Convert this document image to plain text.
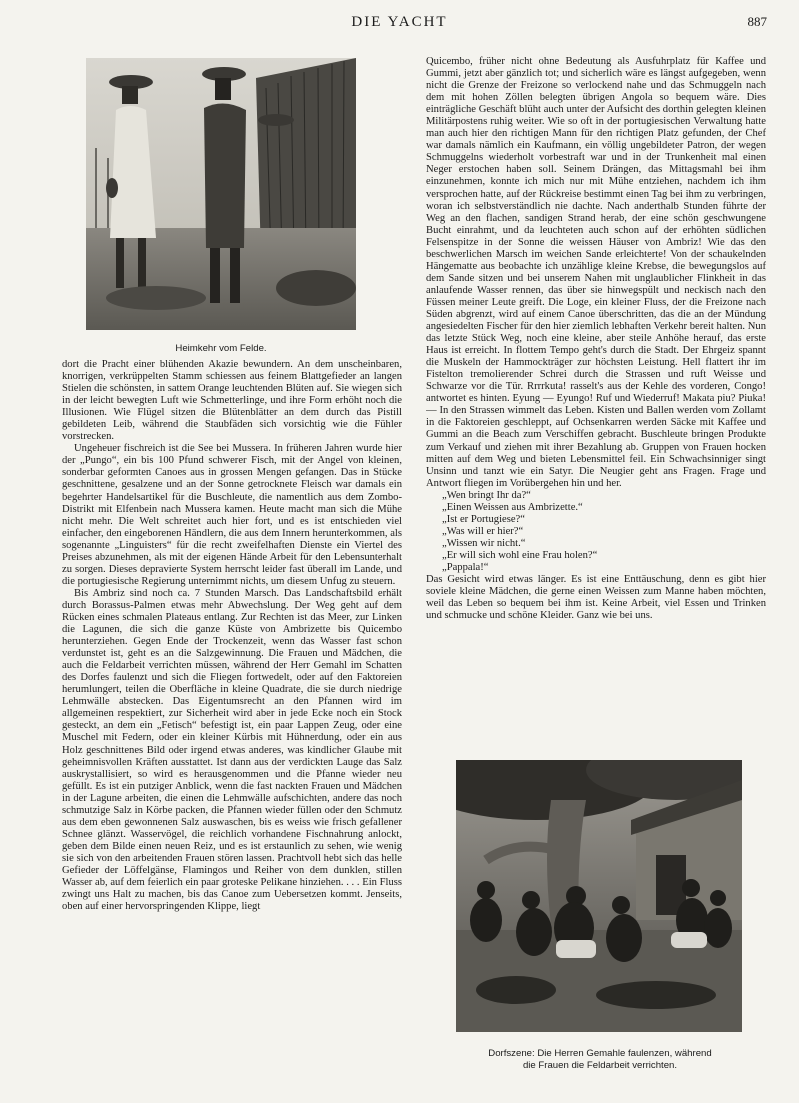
DIE YACHT	887
Heimkehr vom Felde.
Dorfszene: Die Herren Gemahle faulenzen, während
die Frauen die Feldarbeit verrichten.

dort die Pracht einer blühenden Akazie bewundern. An dem unscheinbaren, knorrigen, verkrüppelten Stamm schiessen aus feinem Blattgefieder an langen Stielen die schönsten, in sattem Orange leuchtenden Blüten auf. Sie wiegen sich in der leicht bewegten Luft wie Schmetterlinge, und ihre Form erhöht noch die Illusionen. Wie Flügel sitzen die Blütenblätter an dem durch das Pistill gebildeten Leib, während die Staubfäden sich vorsichtig wie die Fühler vorstrecken.

Ungeheuer fischreich ist die See bei Mussera. In früheren Jahren wurde hier der „Pungo“, ein bis 100 Pfund schwerer Fisch, mit der Angel von kleinen, sonderbar geformten Canoes aus in grossen Mengen gefangen. Das in Stücke geschnittene, gesalzene und an der Sonne getrocknete Fleisch war damals ein begehrter Handelsartikel für die Buschleute, die namentlich aus dem Zombo-Distrikt mit Elfenbein nach Mussera kamen. Heute macht man sich die Mühe nicht mehr. Die Welt schreitet auch hier fort, und es ist entschieden viel einfacher, den eingeborenen Händlern, die aus dem Innern herunterkommen, als sogenannte „Linguisters“ für die recht zweifelhaften Dienste ein Viertel des Preises abzunehmen, als mit der eigenen Hände Arbeit für den Lebensunterhalt zu sorgen. Dieses depravierte System herrscht leider fast überall im Lande, und die portugiesische Regierung unternimmt nichts, um diesem Unfug zu steuern.

Bis Ambriz sind noch ca. 7 Stunden Marsch. Das Landschaftsbild erhält durch Borassus-Palmen etwas mehr Abwechslung. Der Weg geht auf dem Rücken eines schmalen Plateaus entlang. Zur Rechten ist das Meer, zur Linken die Lagunen, die sich die ganze Küste von Ambrizette bis Quicembo herunterziehen. Gegen Ende der Trockenzeit, wenn das Wasser fast schon verdunstet ist, geht es an die Salzgewinnung. Die Frauen und Mädchen, die auch die Feldarbeit verrichten müssen, während der Herr Gemahl im Schatten des Dorfes faulenzt und sich die Fliegen fortwedelt, oder auf den Faktoreien herumlungert, teilen die Oberfläche in kleine Quadrate, die sie durch niedrige Lehmwälle abstecken. Das Eigentumsrecht an den Pfannen wird im allgemeinen respektiert, zur Sicherheit wird aber in jede Ecke noch ein Stock gesteckt, an dem ein „Fetisch“ befestigt ist, ein paar Lappen Zeug, oder eine Muschel mit Federn, oder ein kleiner Kürbis mit Hühnerdung, oder ein aus Holz geschnittenes Bild oder irgend etwas anderes, was kindlicher Glaube mit geheimnisvollen Kräften ausstattet. Ist dann aus der verdickten Lauge das Salz auskrystallisiert, so wird es herausgenommen und die Pfanne wieder neu gefüllt. Es ist ein putziger Anblick, wenn die fast nackten Frauen und Mädchen in der Lagune arbeiten, die einen die Lehmwälle aufschichten, andere das noch schmutzige Salz in Körbe packen, die Pfannen wieder füllen oder den Schmutz aus dem eben gewonnenen Salz auswaschen, bis es weiss wie frisch gefallener Schnee glänzt. Wasservögel, die reichlich vorhandene Fischnahrung anlockt, geben dem Bilde einen neuen Reiz, und es ist erstaunlich zu sehen, wie wenig sie sich von den arbeitenden Frauen stören lassen. Prachtvoll hebt sich das helle Gefieder der Löffelgänse, Flamingos und Reiher von dem dunklen, stillen Wasser ab, auf dem feierlich ein paar groteske Pelikane hinziehen. . . . Ein Fluss zwingt uns Halt zu machen, bis das Canoe zum Uebersetzen kommt. Jenseits, oben auf einer hervorspringenden Klippe, liegt

Quicembo, früher nicht ohne Bedeutung als Ausfuhrplatz für Kaffee und Gummi, jetzt aber gänzlich tot; und sicherlich wäre es längst aufgegeben, wenn nicht die Grenze der Freizone so verlockend nahe und das Schmuggeln nach dem mit hohen Zöllen belegten übrigen Angola so bequem wäre. Dies einträgliche Geschäft blüht auch unter der Aufsicht des dorthin gelegten kleinen Militärpostens ruhig weiter. Wie so oft in der portugiesischen Verwaltung hatte man auch hier den richtigen Mann für den richtigen Platz gefunden, der Chef war damals nämlich ein Kaufmann, ein völlig ungebildeter Patron, der wegen Schmuggelns wiederholt vorbestraft war und in der Trunkenheit mal einen Neger erstochen haben soll. Seinem Drängen, das Mittagsmahl bei ihm einzunehmen, konnte ich mich nur mit Mühe entziehen, nachdem ich ihm versprochen hatte, auf der Rückreise bestimmt einen Tag bei ihm zu verbringen, woran ich selbstverständlich nie dachte. Nach anderthalb Stunden führte der Weg an den flachen, sandigen Strand herab, der eine schön geschwungene Bucht einrahmt, und da leuchteten auch schon auf der erhöhten südlichen Felsenspitze in der Sonne die weissen Häuser von Ambriz! Wie das den beschwerlichen Marsch im weichen Sande erleichterte! Von der schaukelnden Hängematte aus beobachte ich unzählige kleine Krebse, die bewegungslos auf dem Sande sitzen und bei unserem Nahen mit unglaublicher Flinkheit in das anlaufende Wasser rennen, das über sie hinwegspült und neckisch nach den Füssen meiner Leute greift. Die Loge, ein kleiner Fluss, der die Freizone nach Süden abgrenzt, wird auf einem Canoe überschritten, das die an der Mündung angesiedelten Fischer für den hier ziemlich lebhaften Verkehr bereit halten. Nun das letzte Stück Weg, noch eine kleine, aber steile Anhöhe herauf, das erste Haus ist erreicht. In flottem Tempo geht's durch die Stadt. Der Ehrgeiz spannt die Muskeln der Hammockträger zur höchsten Leistung. Hell flattert ihr im Fistelton tremolierender Schrei durch die Strassen und ruft Weisse und Schwarze vor die Tür. Rrrrkuta! rasselt's aus der Kehle des vorderen, Congo! antwortet es hinten. Eyung — Eyungo! Ruf und Wiederruf! Makata piu? Piuka! — In den Strassen wimmelt das Leben. Kisten und Ballen werden vom Zollamt in die Faktoreien geschleppt, auf Ochsenkarren werden Säcke mit Kaffee und Gummi an die Beach zum Verschiffen gebracht. Buschleute bringen Produkte zum Verkauf und ziehen mit ihrer Bezahlung ab. Gruppen von Frauen hocken mitten auf dem Weg und bieten Lebensmittel feil. Ein Schwachsinniger singt Unsinn und tanzt wie ein Satyr. Die Neugier geht ans Fragen. Frage und Antwort fliegen im Vorübergehen hin und her.

„Wen bringt Ihr da?“

„Einen Weissen aus Ambrizette.“

„Ist er Portugiese?“

„Was will er hier?“

„Wissen wir nicht.“

„Er will sich wohl eine Frau holen?“

„Pappala!“

Das Gesicht wird etwas länger. Es ist eine Enttäuschung, denn es gibt hier soviele kleine Mädchen, die gerne einen Weissen zum Manne haben möchten, weil das Leben so bequem bei ihm ist. Keine Arbeit, viel Essen und Trinken und schmucke und schöne Kleider. Ganz wie bei uns.
